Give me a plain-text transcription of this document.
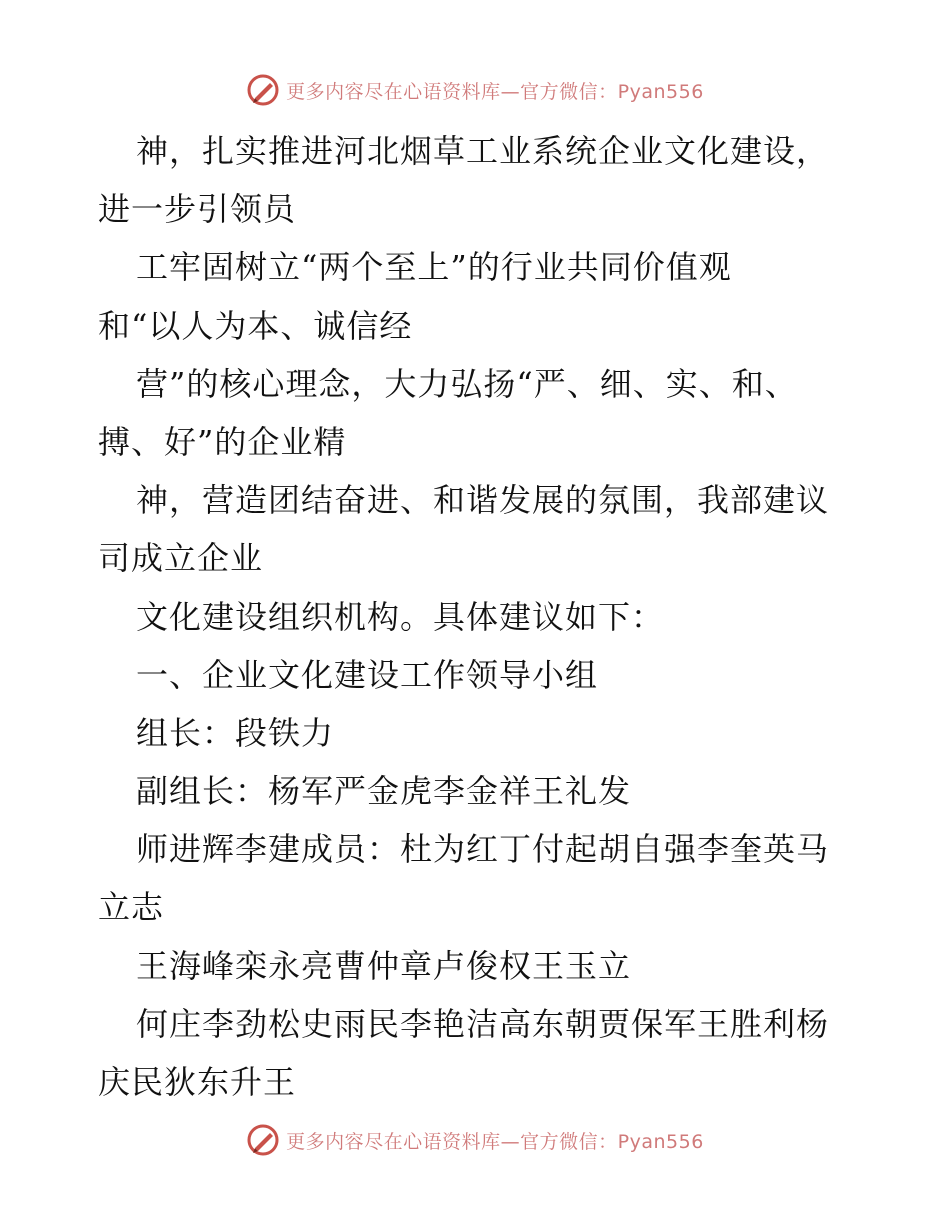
更多内容尽在心语资料库—官方微信：Pyan556
神，扎实推进河北烟草工业系统企业文化建设，
进一步引领员
工牢固树立“两个至上”的行业共同价值观
和“以人为本、诚信经
营”的核心理念，大力弘扬“严、细、实、和、
搏、好”的企业精
神，营造团结奋进、和谐发展的氛围，我部建议
司成立企业
文化建设组织机构。具体建议如下：
一、企业文化建设工作领导小组
组长：段铁力
副组长：杨军严金虎李金祥王礼发
师进辉李建成员：杜为红丁付起胡自强李奎英马
立志
王海峰栾永亮曹仲章卢俊权王玉立
何庄李劲松史雨民李艳洁高东朝贾保军王胜利杨
庆民狄东升王
更多内容尽在心语资料库—官方微信：Pyan556
